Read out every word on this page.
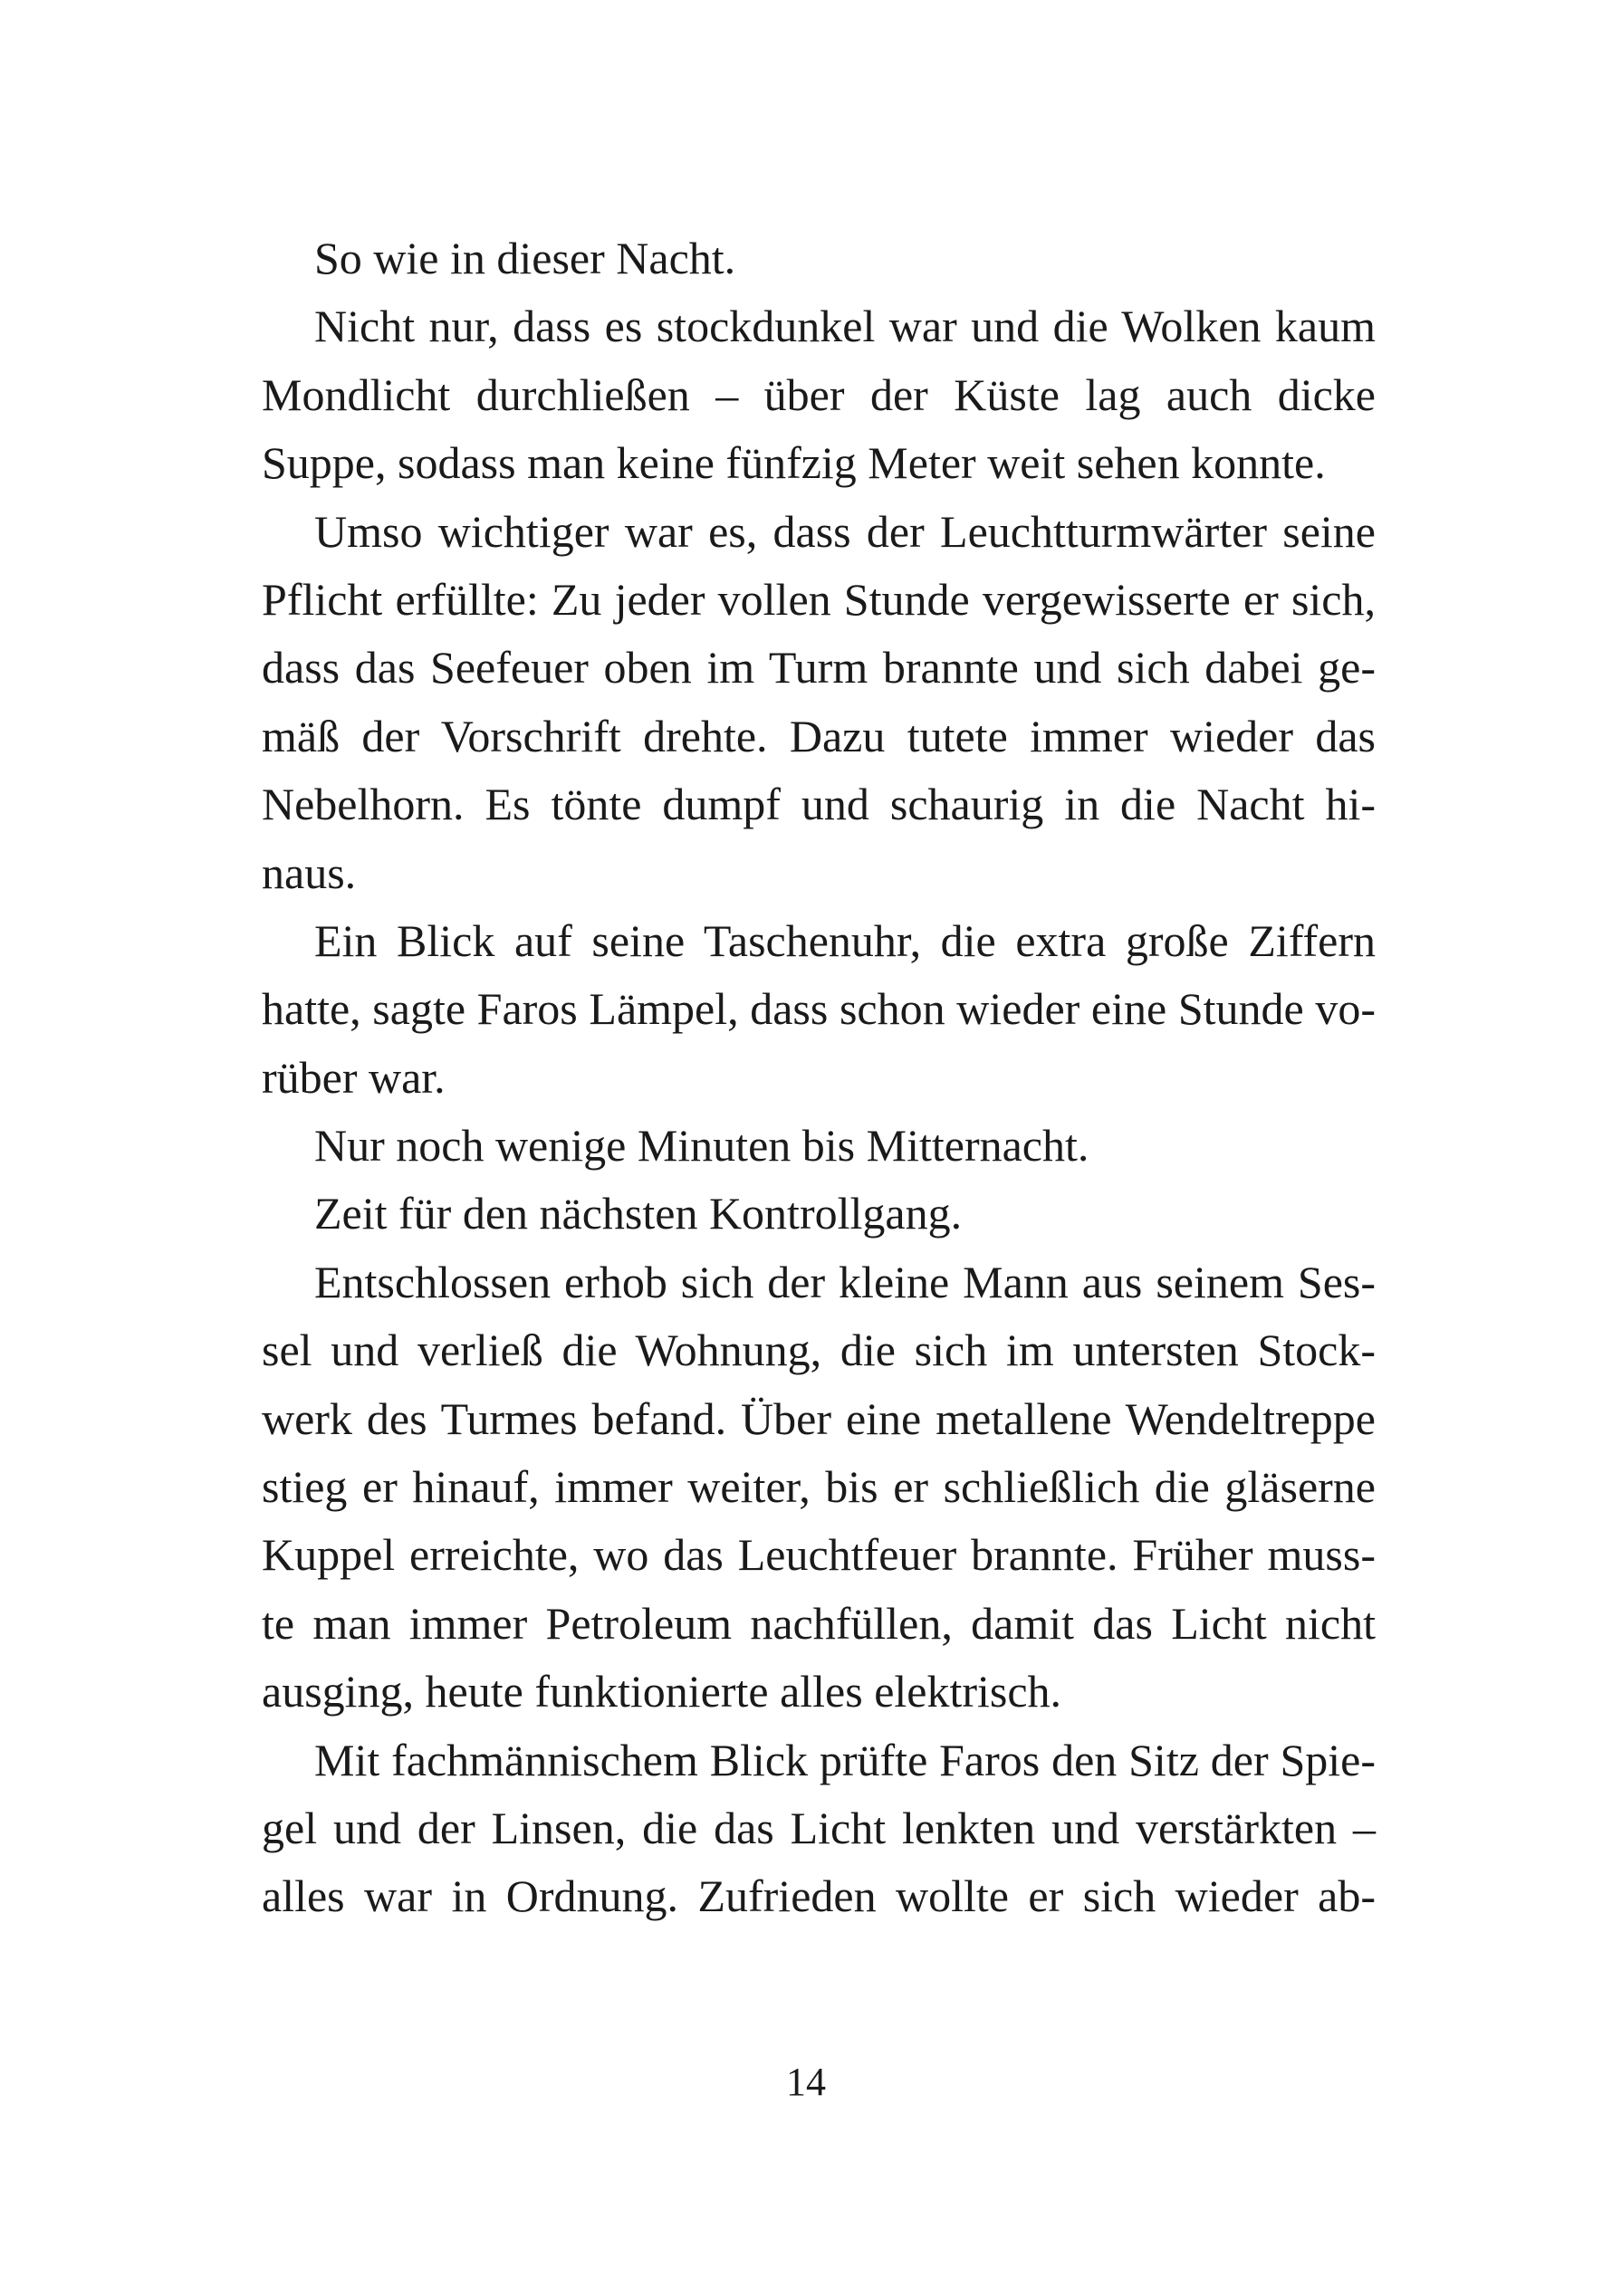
So wie in dieser Nacht.
Nicht nur, dass es stockdunkel war und die Wolken kaum
Mondlicht durchließen – über der Küste lag auch dicke
Suppe, sodass man keine fünfzig Meter weit sehen konnte.
Umso wichtiger war es, dass der Leuchtturmwärter seine
Pflicht erfüllte: Zu jeder vollen Stunde vergewisserte er sich,
dass das Seefeuer oben im Turm brannte und sich dabei ge-
mäß der Vorschrift drehte. Dazu tutete immer wieder das
Nebelhorn. Es tönte dumpf und schaurig in die Nacht hi-
naus.
Ein Blick auf seine Taschenuhr, die extra große Ziffern
hatte, sagte Faros Lämpel, dass schon wieder eine Stunde vo-
rüber war.
Nur noch wenige Minuten bis Mitternacht.
Zeit für den nächsten Kontrollgang.
Entschlossen erhob sich der kleine Mann aus seinem Ses-
sel und verließ die Wohnung, die sich im untersten Stock-
werk des Turmes befand. Über eine metallene Wendeltreppe
stieg er hinauf, immer weiter, bis er schließlich die gläserne
Kuppel erreichte, wo das Leuchtfeuer brannte. Früher muss-
te man immer Petroleum nachfüllen, damit das Licht nicht
ausging, heute funktionierte alles elektrisch.
Mit fachmännischem Blick prüfte Faros den Sitz der Spie-
gel und der Linsen, die das Licht lenkten und verstärkten –
alles war in Ordnung. Zufrieden wollte er sich wieder ab-
14
